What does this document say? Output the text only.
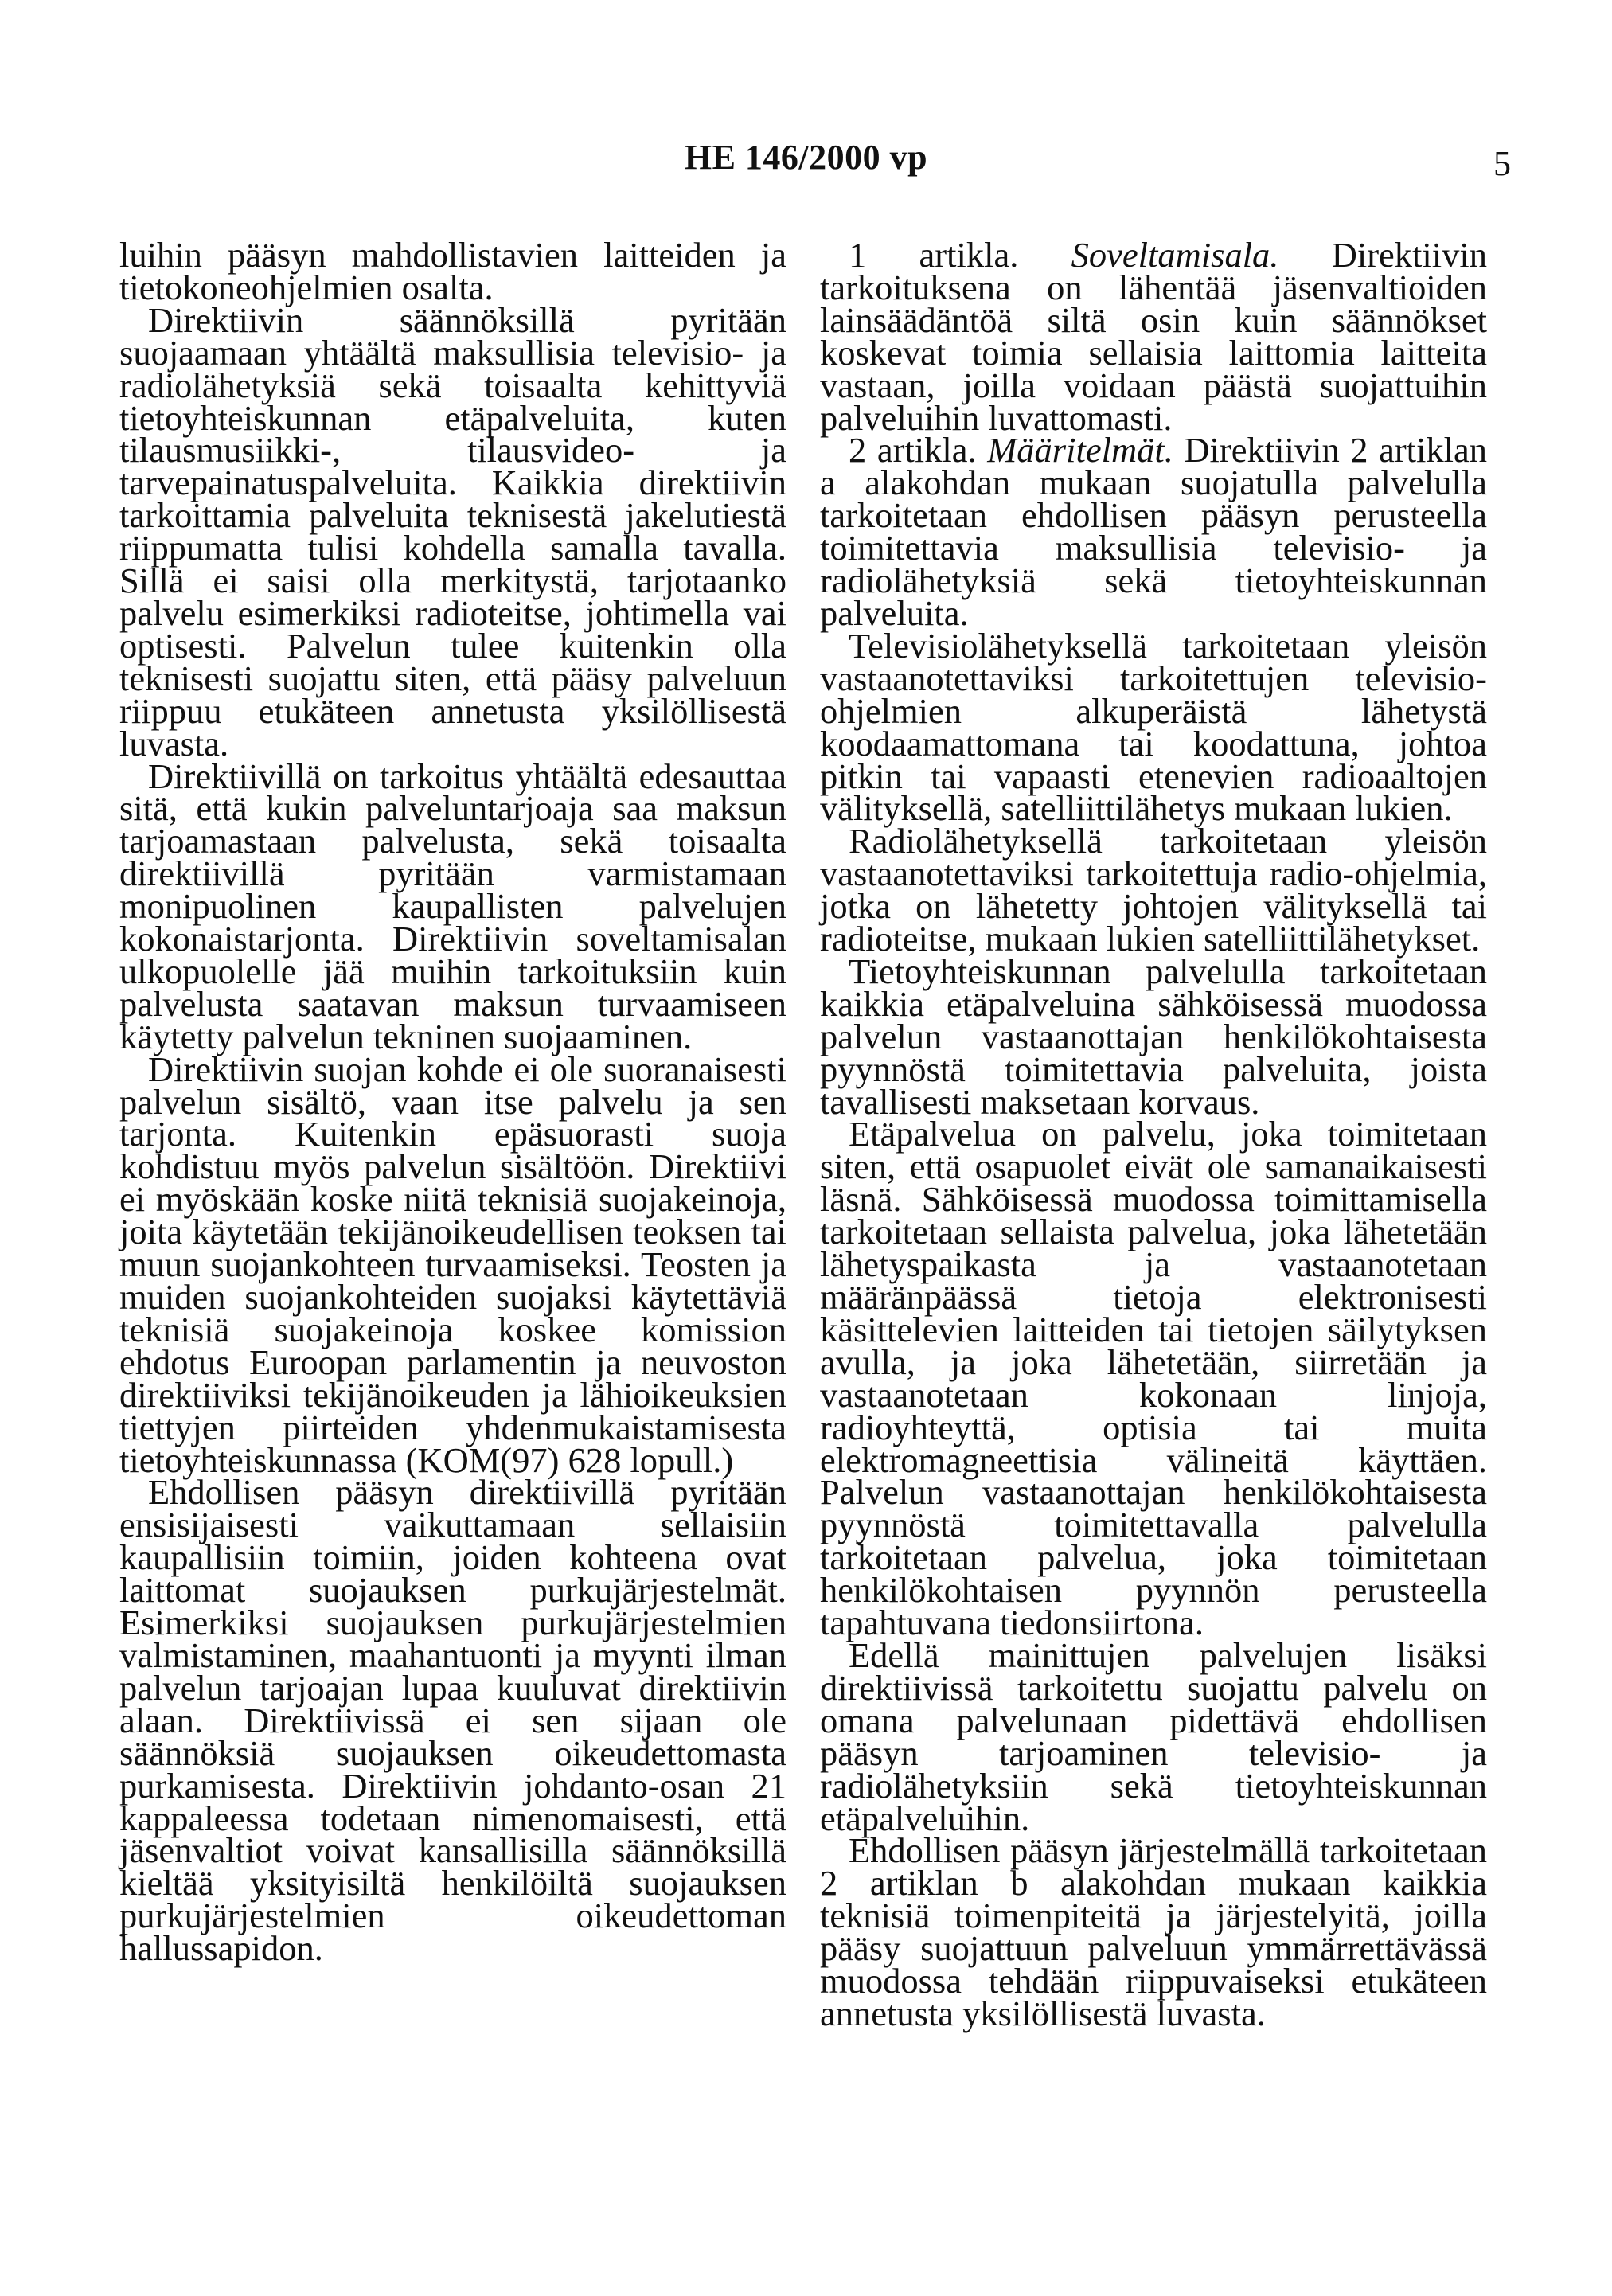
HE 146/2000 vp	5

luihin pääsyn mahdollistavien laitteiden ja tietokoneohjelmien osalta.

Direktiivin säännöksillä pyritään suojaamaan yhtäältä maksullisia televisio- ja radiolähetyksiä sekä toisaalta kehittyviä tietoyhteiskunnan etäpalveluita, kuten tilausmusiikki-, tilausvideo- ja tarvepainatuspalveluita. Kaikkia direktiivin tarkoittamia palveluita teknisestä jakelutiestä riippumatta tulisi kohdella samalla tavalla. Sillä ei saisi olla merkitystä, tarjotaanko palvelu esimerkiksi radioteitse, johtimella vai optisesti. Palvelun tulee kuitenkin olla teknisesti suojattu siten, että pääsy palveluun riippuu etukäteen annetusta yksilöllisestä luvasta.

Direktiivillä on tarkoitus yhtäältä edesauttaa sitä, että kukin palveluntarjoaja saa maksun tarjoamastaan palvelusta, sekä toisaalta direktiivillä pyritään varmistamaan monipuolinen kaupallisten palvelujen kokonaistarjonta. Direktiivin soveltamisalan ulkopuolelle jää muihin tarkoituksiin kuin palvelusta saatavan maksun turvaamiseen käytetty palvelun tekninen suojaaminen.

Direktiivin suojan kohde ei ole suoranaisesti palvelun sisältö, vaan itse palvelu ja sen tarjonta. Kuitenkin epäsuorasti suoja kohdistuu myös palvelun sisältöön. Direktiivi ei myöskään koske niitä teknisiä suojakeinoja, joita käytetään tekijänoikeudellisen teoksen tai muun suojankohteen turvaamiseksi. Teosten ja muiden suojankohteiden suojaksi käytettäviä teknisiä suojakeinoja koskee komission ehdotus Euroopan parlamentin ja neuvoston direktiiviksi tekijänoikeuden ja lähioikeuksien tiettyjen piirteiden yhdenmukaistamisesta tietoyhteiskunnassa (KOM(97) 628 lopull.)

Ehdollisen pääsyn direktiivillä pyritään ensisijaisesti vaikuttamaan sellaisiin kaupallisiin toimiin, joiden kohteena ovat laittomat suojauksen purkujärjestelmät. Esimerkiksi suojauksen purkujärjestelmien valmistaminen, maahantuonti ja myynti ilman palvelun tarjoajan lupaa kuuluvat direktiivin alaan. Direktiivissä ei sen sijaan ole säännöksiä suojauksen oikeudettomasta purkamisesta. Direktiivin johdanto-osan 21 kappaleessa todetaan nimenomaisesti, että jäsenvaltiot voivat kansallisilla säännöksillä kieltää yksityisiltä henkilöiltä suojauksen purkujärjestelmien oikeudettoman hallussapidon.

1 artikla. Soveltamisala. Direktiivin tarkoituksena on lähentää jäsenvaltioiden lainsäädäntöä siltä osin kuin säännökset koskevat toimia sellaisia laittomia laitteita vastaan, joilla voidaan päästä suojattuihin palveluihin luvattomasti.

2 artikla. Määritelmät. Direktiivin 2 artiklan a alakohdan mukaan suojatulla palvelulla tarkoitetaan ehdollisen pääsyn perusteella toimitettavia maksullisia televisio- ja radiolähetyksiä sekä tietoyhteiskunnan palveluita.

Televisiolähetyksellä tarkoitetaan yleisön vastaanotettaviksi tarkoitettujen televisio-ohjelmien alkuperäistä lähetystä koodaamattomana tai koodattuna, johtoa pitkin tai vapaasti etenevien radioaaltojen välityksellä, satelliittilähetys mukaan lukien.

Radiolähetyksellä tarkoitetaan yleisön vastaanotettaviksi tarkoitettuja radio-ohjelmia, jotka on lähetetty johtojen välityksellä tai radioteitse, mukaan lukien satelliittilähetykset.

Tietoyhteiskunnan palvelulla tarkoitetaan kaikkia etäpalveluina sähköisessä muodossa palvelun vastaanottajan henkilökohtaisesta pyynnöstä toimitettavia palveluita, joista tavallisesti maksetaan korvaus.

Etäpalvelua on palvelu, joka toimitetaan siten, että osapuolet eivät ole samanaikaisesti läsnä. Sähköisessä muodossa toimittamisella tarkoitetaan sellaista palvelua, joka lähetetään lähetyspaikasta ja vastaanotetaan määränpäässä tietoja elektronisesti käsittelevien laitteiden tai tietojen säilytyksen avulla, ja joka lähetetään, siirretään ja vastaanotetaan kokonaan linjoja, radioyhteyttä, optisia tai muita elektromagneettisia välineitä käyttäen. Palvelun vastaanottajan henkilökohtaisesta pyynnöstä toimitettavalla palvelulla tarkoitetaan palvelua, joka toimitetaan henkilökohtaisen pyynnön perusteella tapahtuvana tiedonsiirtona.

Edellä mainittujen palvelujen lisäksi direktiivissä tarkoitettu suojattu palvelu on omana palvelunaan pidettävä ehdollisen pääsyn tarjoaminen televisio- ja radiolähetyksiin sekä tietoyhteiskunnan etäpalveluihin.

Ehdollisen pääsyn järjestelmällä tarkoitetaan 2 artiklan b alakohdan mukaan kaikkia teknisiä toimenpiteitä ja järjestelyitä, joilla pääsy suojattuun palveluun ymmärrettävässä muodossa tehdään riippuvaiseksi etukäteen annetusta yksilöllisestä luvasta.
